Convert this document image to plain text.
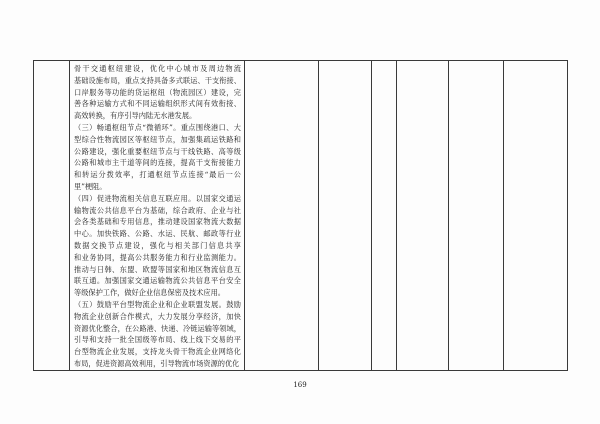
骨干交通枢纽建设，优化中心城市及周边物流
基础设施布局，重点支持具备多式联运、干支衔接、
口岸服务等功能的货运枢纽（物流园区）建设，完
善各种运输方式和不同运输组织形式间有效衔接、
高效转换，有序引导内陆无水港发展。
（三）畅通枢纽节点“微循环”。重点围绕港口、大
型综合性物流园区等枢纽节点，加强集疏运铁路和
公路建设，强化重要枢纽节点与干线铁路、高等级
公路和城市主干道等间的连接，提高干支衔接能力
和转运分拨效率，打通枢纽节点连接“最后一公
里”梗阻。
（四）促进物流相关信息互联应用。以国家交通运
输物流公共信息平台为基础，综合政府、企业与社
会各类基础和专用信息，推动建设国家物流大数据
中心。加快铁路、公路、水运、民航、邮政等行业
数据交换节点建设，强化与相关部门信息共享
和业务协同，提高公共服务能力和行业监测能力。
推动与日韩、东盟、欧盟等国家和地区物流信息互
联互通。加强国家交通运输物流公共信息平台安全
等级保护工作，做好企业信息保密及技术应用。
（五）鼓励平台型物流企业和企业联盟发展。鼓励
物流企业创新合作模式，大力发展分享经济，加快
资源优化整合，在公路港、快递、冷链运输等领域，
引导和支持一批全国级等布局、线上线下交易的平
台型物流企业发展，支持龙头骨干物流企业网络化
布局，促进资源高效利用，引导物流市场资源的优化

169
